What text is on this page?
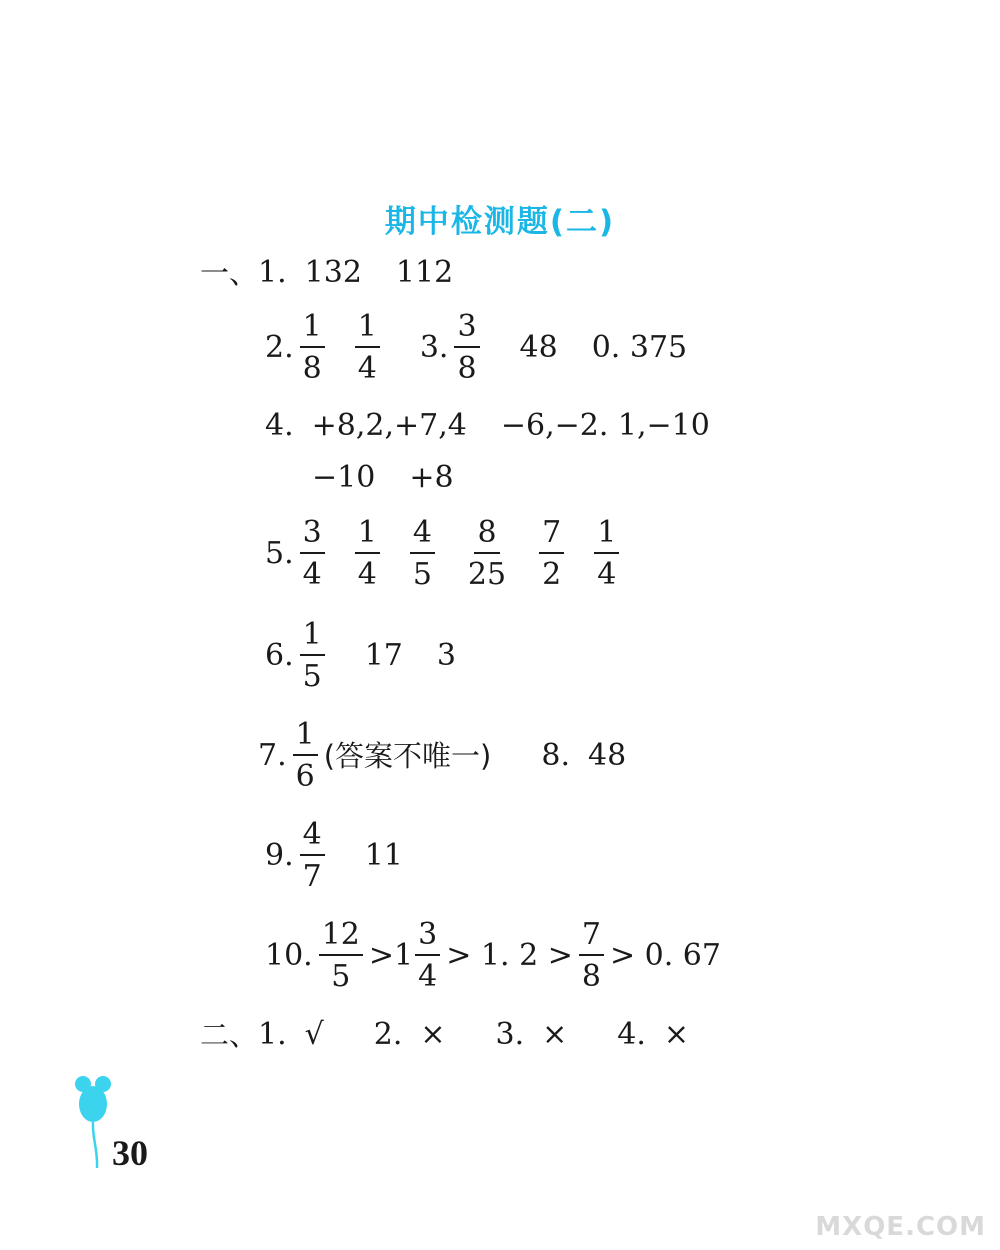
期中检测题(二)
一、 1. 132 112
2. $\frac{1}{8} \frac{1}{4} 3$. $\frac{3}{8} 48$ 0. 375
4. +8,2,+7,4 −6,−2. 1,−10
−10 +8
5. $\frac{3}{4} \frac{1}{4} \frac{4}{5} \frac{8}{25} \frac{7}{2} \frac{1}{4}$
6. $\frac{1}{5} 17$ 3
7. $\frac{1}{6}$ (答案不唯一) 8. 48
9. $\frac{4}{7} 11$
10. $\frac{12}{5} > 1 \frac{3}{4}$ >
1. 2
> $\frac{7}{8}$ >
0. 67
二、 1. √ 2. × 3. × 4. ×
30
MXQE.COM
